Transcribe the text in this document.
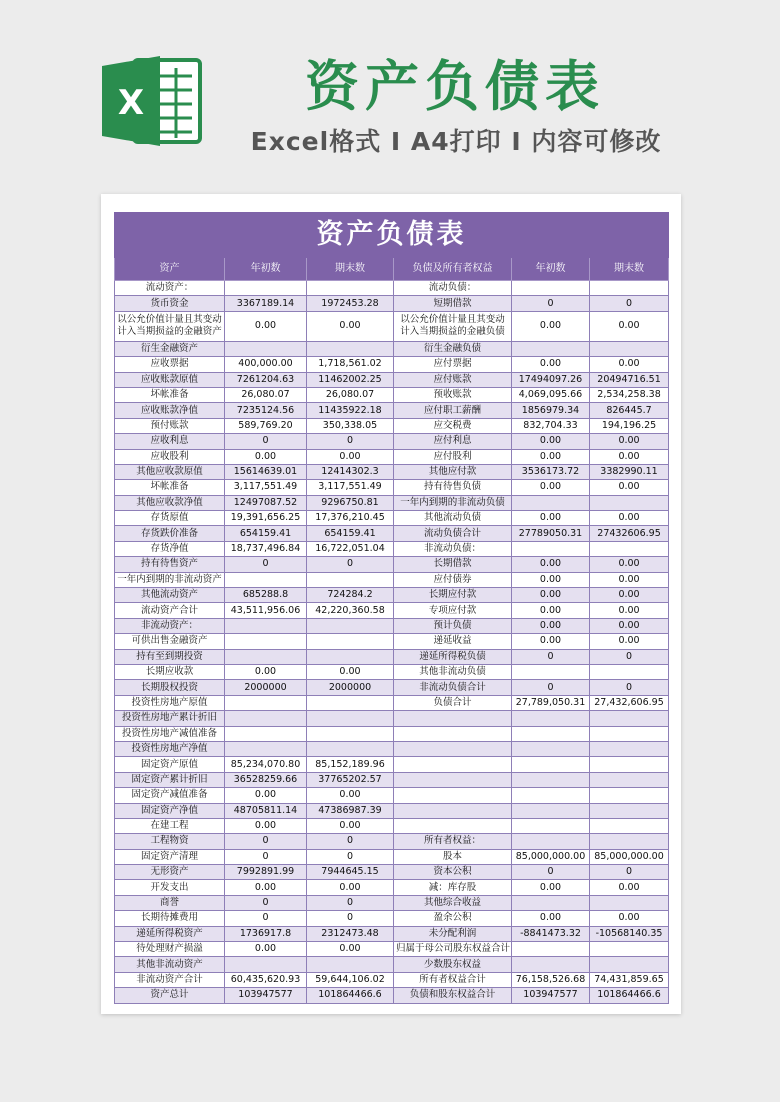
X	资产负债表
Excel格式 I A4打印 I 内容可修改
资产负债表					
资产	年初数	期末数	负债及所有者权益	年初数	期末数
流动资产：			流动负债：		
货币资金	3367189.14	1972453.28	短期借款	0	0
以公允价值计量且其变动计入当期损益的金融资产	0.00	0.00	以公允价值计量且其变动计入当期损益的金融负债	0.00	0.00
衍生金融资产			衍生金融负债		
应收票据	400,000.00	1,718,561.02	应付票据	0.00	0.00
应收账款原值	7261204.63	11462002.25	应付账款	17494097.26	20494716.51
坏帐准备	26,080.07	26,080.07	预收账款	4,069,095.66	2,534,258.38
应收账款净值	7235124.56	11435922.18	应付职工薪酬	1856979.34	826445.7
预付账款	589,769.20	350,338.05	应交税费	832,704.33	194,196.25
应收利息	0	0	应付利息	0.00	0.00
应收股利	0.00	0.00	应付股利	0.00	0.00
其他应收款原值	15614639.01	12414302.3	其他应付款	3536173.72	3382990.11
坏帐准备	3,117,551.49	3,117,551.49	持有待售负债	0.00	0.00
其他应收款净值	12497087.52	9296750.81	一年内到期的非流动负债		
存货原值	19,391,656.25	17,376,210.45	其他流动负债	0.00	0.00
存货跌价准备	654159.41	654159.41	流动负债合计	27789050.31	27432606.95
存货净值	18,737,496.84	16,722,051.04	非流动负债：		
持有待售资产	0	0	长期借款	0.00	0.00
一年内到期的非流动资产			应付债券	0.00	0.00
其他流动资产	685288.8	724284.2	长期应付款	0.00	0.00
流动资产合计	43,511,956.06	42,220,360.58	专项应付款	0.00	0.00
非流动资产：			预计负债	0.00	0.00
可供出售金融资产			递延收益	0.00	0.00
持有至到期投资			递延所得税负债	0	0
长期应收款	0.00	0.00	其他非流动负债		
长期股权投资	2000000	2000000	非流动负债合计	0	0
投资性房地产原值			负债合计	27,789,050.31	27,432,606.95
投资性房地产累计折旧					
投资性房地产减值准备					
投资性房地产净值					
固定资产原值	85,234,070.80	85,152,189.96			
固定资产累计折旧	36528259.66	37765202.57			
固定资产减值准备	0.00	0.00			
固定资产净值	48705811.14	47386987.39			
在建工程	0.00	0.00			
工程物资	0	0	所有者权益：		
固定资产清理	0	0	股本	85,000,000.00	85,000,000.00
无形资产	7992891.99	7944645.15	资本公积	0	0
开发支出	0.00	0.00	减：库存股	0.00	0.00
商誉	0	0	其他综合收益		
长期待摊费用	0	0	盈余公积	0.00	0.00
递延所得税资产	1736917.8	2312473.48	未分配利润	-8841473.32	-10568140.35
待处理财产损溢	0.00	0.00	归属于母公司股东权益合计		
其他非流动资产			少数股东权益		
非流动资产合计	60,435,620.93	59,644,106.02	所有者权益合计	76,158,526.68	74,431,859.65
资产总计	103947577	101864466.6	负债和股东权益合计	103947577	101864466.6
